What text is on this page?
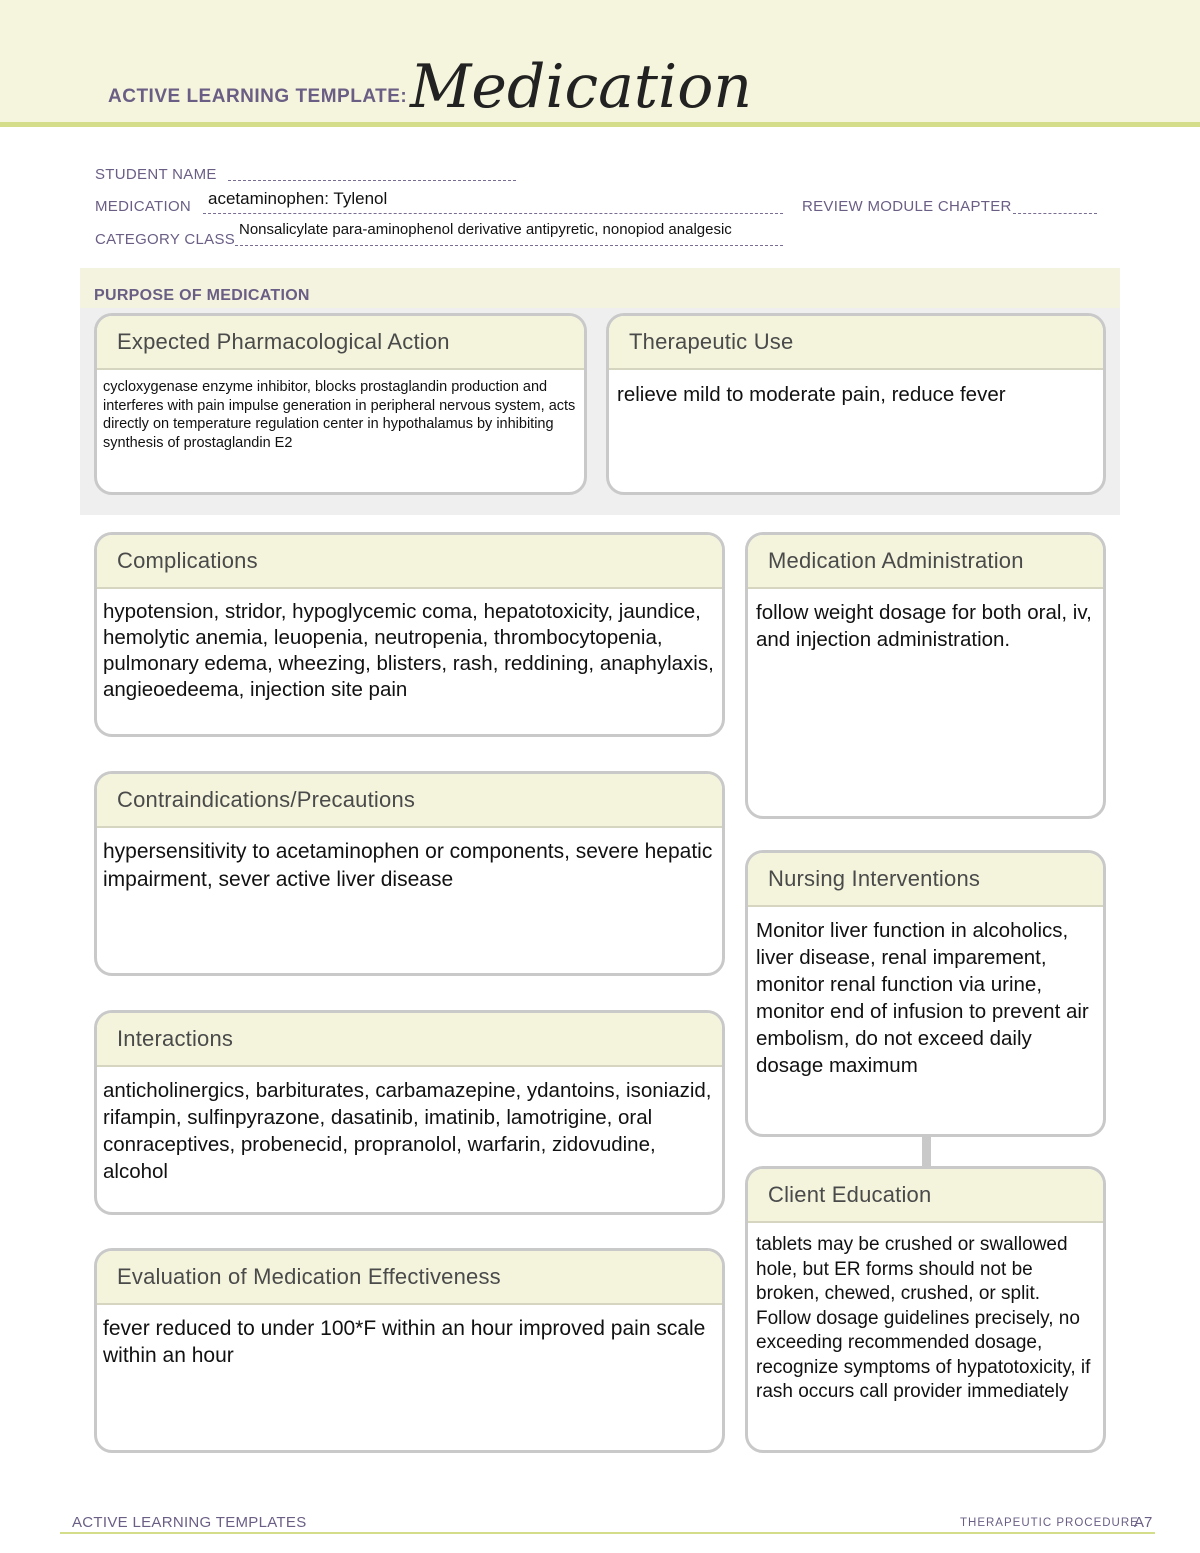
ACTIVE LEARNING TEMPLATE: Medication
STUDENT NAME
MEDICATION acetaminophen: Tylenol	REVIEW MODULE CHAPTER
CATEGORY CLASS
Nonsalicylate para-aminophenol derivative antipyretic, nonopiod analgesic
PURPOSE OF MEDICATION
Expected Pharmacological Action
cycloxygenase enzyme inhibitor, blocks prostaglandin production and interferes with pain impulse generation in peripheral nervous system, acts directly on temperature regulation center in hypothalamus by inhibiting synthesis of prostaglandin E2
Therapeutic Use
relieve mild to moderate pain, reduce fever
Complications
hypotension, stridor, hypoglycemic coma, hepatotoxicity, jaundice, hemolytic anemia, leuopenia, neutropenia, thrombocytopenia, pulmonary edema, wheezing, blisters, rash, reddining, anaphylaxis, angieoedeema, injection site pain
Contraindications/Precautions
hypersensitivity to acetaminophen or components, severe hepatic impairment, sever active liver disease
Interactions
anticholinergics, barbiturates, carbamazepine, ydantoins, isoniazid, rifampin, sulfinpyrazone, dasatinib, imatinib, lamotrigine, oral conraceptives, probenecid, propranolol, warfarin, zidovudine, alcohol
Evaluation of Medication Effectiveness
fever reduced to under 100*F within an hour improved pain scale within an hour
Medication Administration
follow weight dosage for both oral, iv, and injection administration.
Nursing Interventions
Monitor liver function in alcoholics, liver disease, renal imparement, monitor renal function via urine, monitor end of infusion to prevent air embolism, do not exceed daily dosage maximum
Client Education
tablets may be crushed or swallowed hole, but ER forms should not be broken, chewed, crushed, or split. Follow dosage guidelines precisely, no exceeding recommended dosage, recognize symptoms of hypatotoxicity, if rash occurs call provider immediately
ACTIVE LEARNING TEMPLATES	THERAPEUTIC PROCEDURE
A7
